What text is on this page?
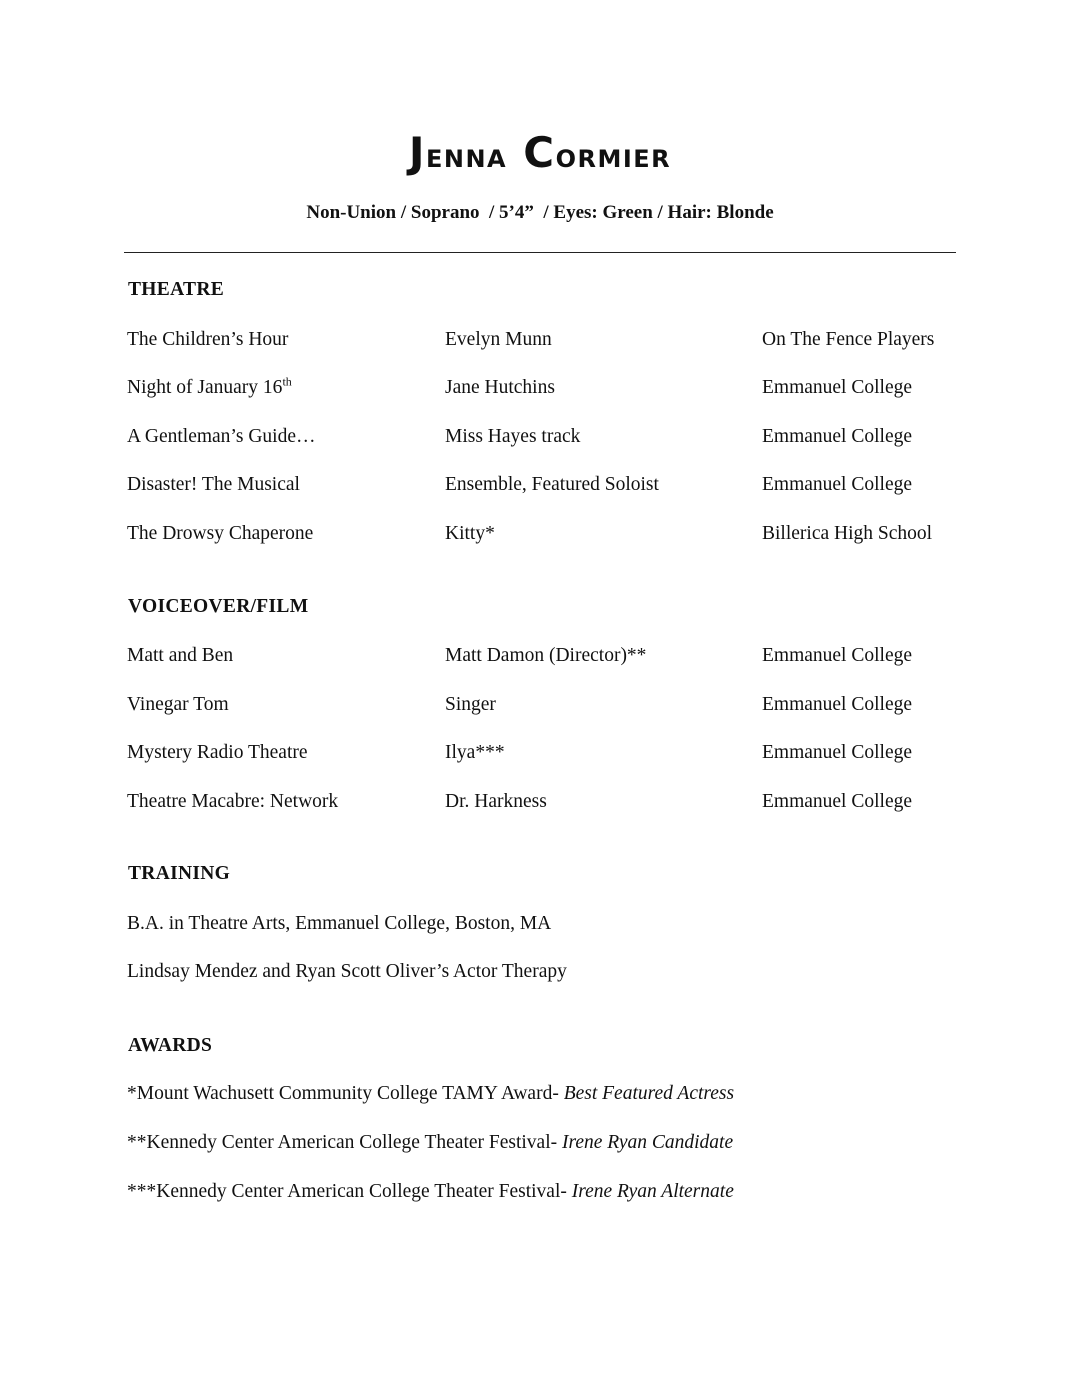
Jenna Cormier
Non-Union / Soprano  / 5’4”  / Eyes: Green / Hair: Blonde
THEATRE
The Children’s Hour	Evelyn Munn	On The Fence Players
Night of January 16th	Jane Hutchins	Emmanuel College
A Gentleman’s Guide…	Miss Hayes track	Emmanuel College
Disaster! The Musical	Ensemble, Featured Soloist	Emmanuel College
The Drowsy Chaperone	Kitty*	Billerica High School
VOICEOVER/FILM
Matt and Ben	Matt Damon (Director)**	Emmanuel College
Vinegar Tom	Singer	Emmanuel College
Mystery Radio Theatre	Ilya***	Emmanuel College
Theatre Macabre: Network	Dr. Harkness	Emmanuel College
TRAINING
B.A. in Theatre Arts, Emmanuel College, Boston, MA
Lindsay Mendez and Ryan Scott Oliver’s Actor Therapy
AWARDS
*Mount Wachusett Community College TAMY Award- Best Featured Actress
**Kennedy Center American College Theater Festival- Irene Ryan Candidate
***Kennedy Center American College Theater Festival- Irene Ryan Alternate
